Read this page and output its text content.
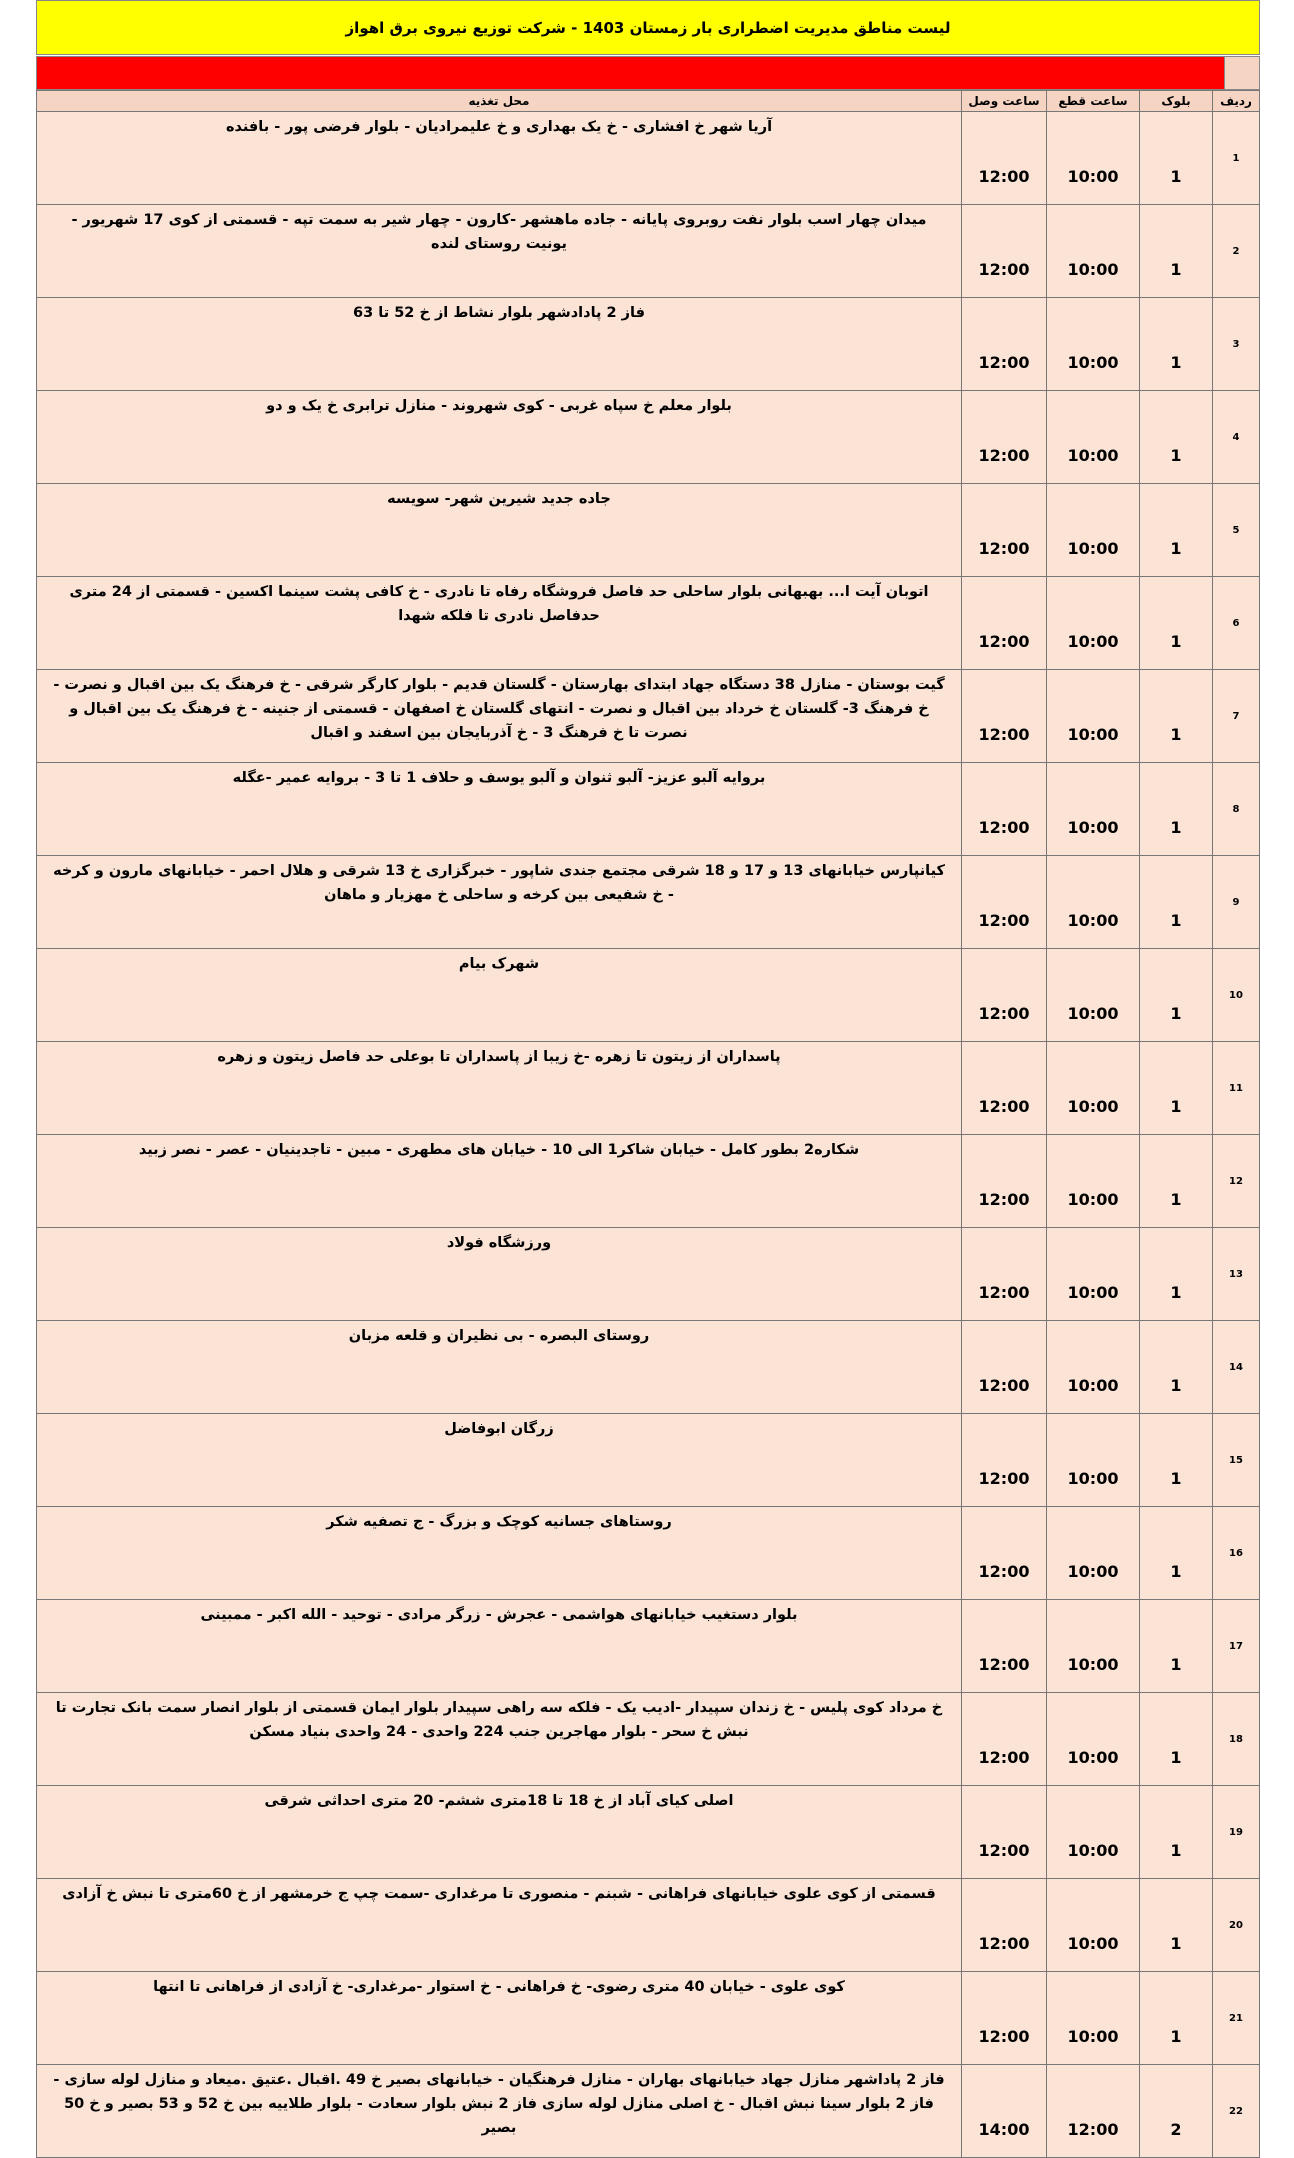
لیست مناطق مدیریت اضطراری بار زمستان 1403 - شرکت توزیع نیروی برق اهواز
ردیف	بلوک	ساعت قطع	ساعت وصل	محل تغذیه
1	1	10:00	12:00	آریا شهر خ افشاری - خ یک بهداری و خ علیمرادیان - بلوار فرضی پور - بافنده
2	1	10:00	12:00	میدان چهار اسب بلوار نفت روبروی پایانه - جاده ماهشهر -کارون - چهار شیر به سمت تپه - قسمتی از کوی 17 شهریور - یونیت روستای لنده
3	1	10:00	12:00	فاز 2 پادادشهر بلوار نشاط از خ 52 تا 63
4	1	10:00	12:00	بلوار معلم خ سپاه غربی - کوی شهروند - منازل ترابری خ یک و دو
5	1	10:00	12:00	جاده جدید شیرین شهر- سویسه
6	1	10:00	12:00	اتوبان آیت ا... بهبهانی بلوار ساحلی حد فاصل فروشگاه رفاه تا نادری - خ کافی پشت سینما اکسین - قسمتی از 24 متری حدفاصل نادری تا فلکه شهدا
7	1	10:00	12:00	گیت بوستان - منازل 38 دستگاه جهاد ابتدای بهارستان - گلستان قدیم - بلوار کارگر شرقی - خ فرهنگ یک بین اقبال و نصرت - خ فرهنگ 3- گلستان خ خرداد بین اقبال و نصرت - انتهای گلستان خ اصفهان - قسمتی از جنینه - خ فرهنگ یک بین اقبال و نصرت تا خ فرهنگ 3 - خ آذربایجان بین اسفند و اقبال
8	1	10:00	12:00	بروایه آلبو عزیز- آلبو ثنوان و آلبو یوسف و حلاف 1 تا 3 - بروایه عمیر -عگله
9	1	10:00	12:00	کیانپارس خیابانهای 13 و 17 و 18 شرقی مجتمع جندی شاپور - خبرگزاری خ 13 شرقی و هلال احمر - خیابانهای مارون و کرخه - خ شفیعی بین کرخه و ساحلی خ مهزیار و ماهان
10	1	10:00	12:00	شهرک بیام
11	1	10:00	12:00	پاسداران از زیتون تا زهره -خ زیبا از پاسداران تا بوعلی حد فاصل زیتون و زهره
12	1	10:00	12:00	شکاره2 بطور کامل - خیابان شاکر1 الی 10 - خیابان های مطهری - مبین - تاجدینیان - عصر - نصر زبید
13	1	10:00	12:00	ورزشگاه فولاد
14	1	10:00	12:00	روستای البصره - بی نظیران و قلعه مزبان
15	1	10:00	12:00	زرگان ابوفاضل
16	1	10:00	12:00	روستاهای جسانیه کوچک و بزرگ - ج تصفیه شکر
17	1	10:00	12:00	بلوار دستغیب خیابانهای هواشمی - عجرش - زرگر مرادی - توحید - الله اکبر - ممبینی
18	1	10:00	12:00	خ مرداد کوی پلیس - خ زندان سپیدار -ادیب یک - فلکه سه راهی سپیدار بلوار ایمان قسمتی از بلوار انصار سمت بانک تجارت تا نبش خ سحر - بلوار مهاجرین جنب 224 واحدی - 24 واحدی بنیاد مسکن
19	1	10:00	12:00	اصلی کیای آباد از خ 18 تا 18متری ششم- 20 متری احداثی شرقی
20	1	10:00	12:00	قسمتی از کوی علوی خیابانهای فراهانی - شبنم - منصوری تا مرغداری -سمت چپ ج خرمشهر از خ 60متری تا نبش خ آزادی
21	1	10:00	12:00	کوی علوی - خیابان 40 متری رضوی- خ فراهانی - خ استوار -مرغداری- خ آزادی از فراهانی تا انتها
22	2	12:00	14:00	فاز 2 پاداشهر منازل جهاد خیابانهای بهاران - منازل فرهنگیان - خیابانهای بصیر خ 49 .اقبال .عتیق .میعاد و منازل لوله سازی - فاز 2 بلوار سینا نبش اقبال - خ اصلی منازل لوله سازی فاز 2 نبش بلوار سعادت - بلوار طلاییه بین خ 52 و 53 بصیر و خ 50 بصیر
